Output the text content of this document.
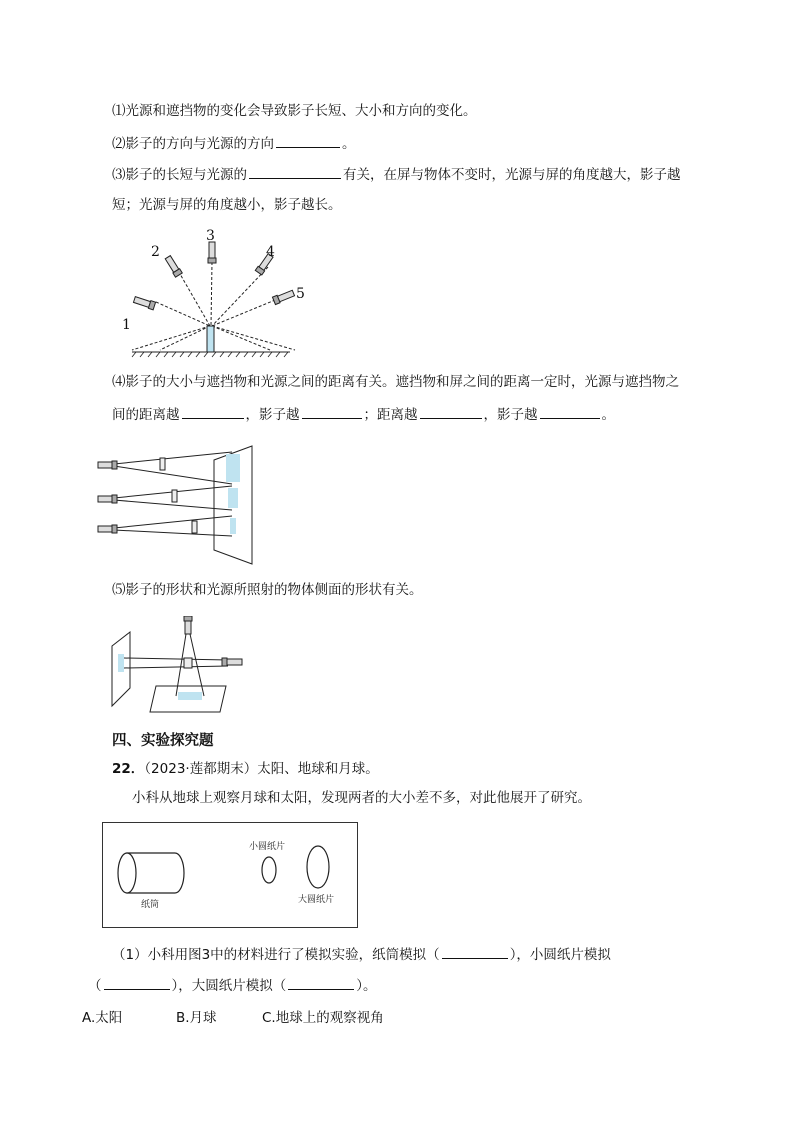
⑴光源和遮挡物的变化会导致影子长短、大小和方向的变化。
⑵影子的方向与光源的方向	。
⑶影子的长短与光源的	有关，在屏与物体不变时，光源与屏的角度越大，影子越
短；光源与屏的角度越小，影子越长。
1
2
3
4
5
⑷影子的大小与遮挡物和光源之间的距离有关。遮挡物和屏之间的距离一定时，光源与遮挡物之
间的距离越	，影子越	；距离越	，影子越	。
⑸影子的形状和光源所照射的物体侧面的形状有关。
四、实验探究题
22．（2023·莲都期末）太阳、地球和月球。
小科从地球上观察月球和太阳，发现两者的大小差不多，对此他展开了研究。
纸筒
小圆纸片
大圆纸片
（1）小科用图3中的材料进行了模拟实验，纸筒模拟（	），小圆纸片模拟
（	），大圆纸片模拟（	）。
A.太阳	B.月球	C.地球上的观察视角
